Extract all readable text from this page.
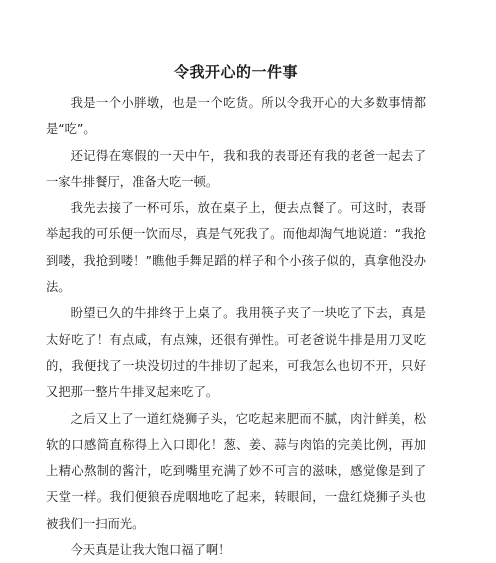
令我开心的一件事

我是一个小胖墩，也是一个吃货。所以令我开心的大多数事情都是“吃”。

还记得在寒假的一天中午，我和我的表哥还有我的老爸一起去了一家牛排餐厅，准备大吃一顿。

我先去接了一杯可乐，放在桌子上，便去点餐了。可这时，表哥举起我的可乐便一饮而尽，真是气死我了。而他却淘气地说道：“我抢到喽，我抢到喽！”瞧他手舞足蹈的样子和个小孩子似的，真拿他没办法。

盼望已久的牛排终于上桌了。我用筷子夹了一块吃了下去，真是太好吃了！有点咸，有点辣，还很有弹性。可老爸说牛排是用刀叉吃的，我便找了一块没切过的牛排切了起来，可我怎么也切不开，只好又把那一整片牛排叉起来吃了。

之后又上了一道红烧狮子头，它吃起来肥而不腻，肉汁鲜美，松软的口感简直称得上入口即化！葱、姜、蒜与肉馅的完美比例，再加上精心熬制的酱汁，吃到嘴里充满了妙不可言的滋味，感觉像是到了天堂一样。我们便狼吞虎咽地吃了起来，转眼间，一盘红烧狮子头也被我们一扫而光。

今天真是让我大饱口福了啊！
